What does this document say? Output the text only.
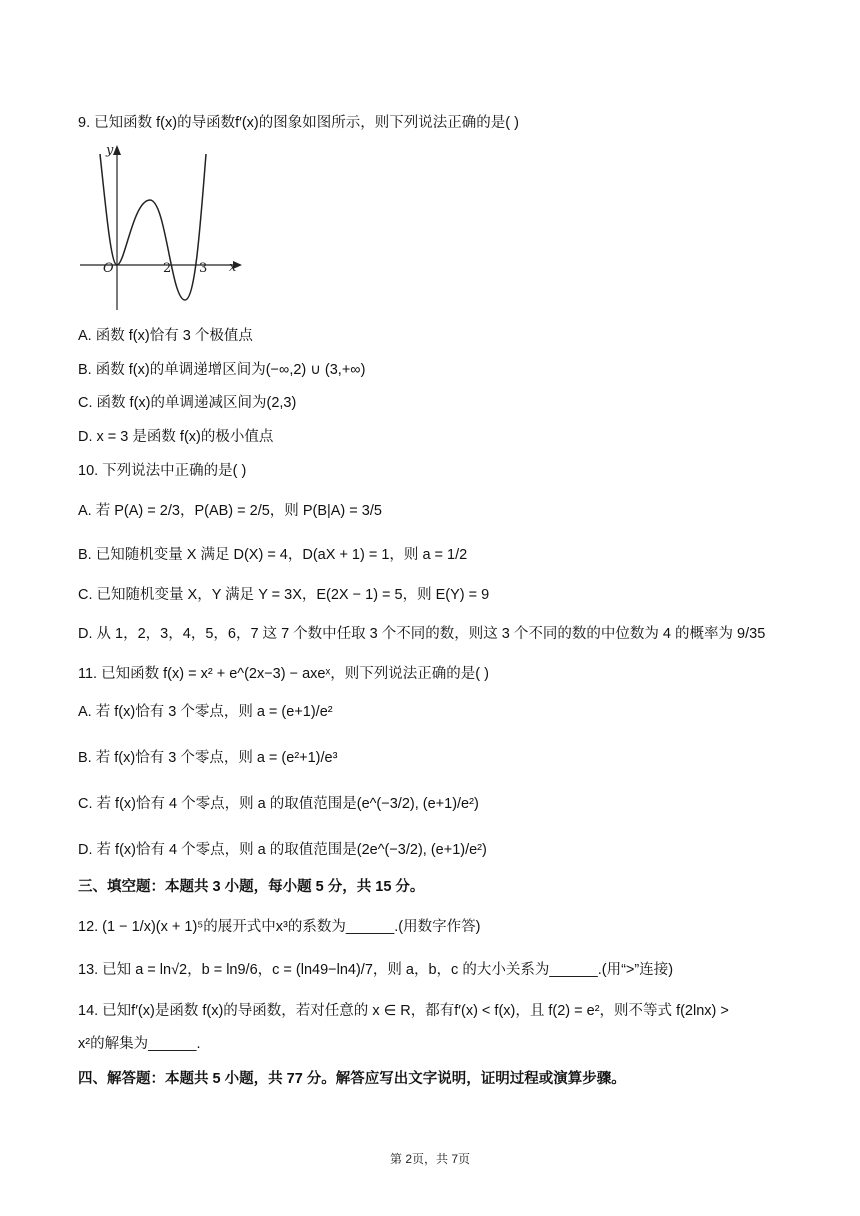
9. 已知函数 f(x)的导函数f′(x)的图象如图所示，则下列说法正确的是( )
y
x
O	2 3
A. 函数 f(x)恰有 3 个极值点
B. 函数 f(x)的单调递增区间为(−∞,2) ∪ (3,+∞)
C. 函数 f(x)的单调递减区间为(2,3)
D. x = 3 是函数 f(x)的极小值点
10. 下列说法中正确的是( )
A. 若 P(A) = 2/3，P(AB) = 2/5，则 P(B|A) = 3/5
B. 已知随机变量 X 满足 D(X) = 4，D(aX + 1) = 1，则 a = 1/2
C. 已知随机变量 X，Y 满足 Y = 3X，E(2X − 1) = 5，则 E(Y) = 9
D. 从 1，2，3，4，5，6，7 这 7 个数中任取 3 个不同的数，则这 3 个不同的数的中位数为 4 的概率为 9/35
11. 已知函数 f(x) = x² + e^(2x−3) − axeˣ，则下列说法正确的是( )
A. 若 f(x)恰有 3 个零点，则 a = (e+1)/e²
B. 若 f(x)恰有 3 个零点，则 a = (e²+1)/e³
C. 若 f(x)恰有 4 个零点，则 a 的取值范围是(e^(−3/2), (e+1)/e²)
D. 若 f(x)恰有 4 个零点，则 a 的取值范围是(2e^(−3/2), (e+1)/e²)
三、填空题：本题共 3 小题，每小题 5 分，共 15 分。
12. (1 − 1/x)(x + 1)⁵的展开式中x³的系数为______.(用数字作答)
13. 已知 a = ln√2，b = ln9/6，c = (ln49−ln4)/7，则 a，b，c 的大小关系为______.(用“>”连接)
14. 已知f′(x)是函数 f(x)的导函数，若对任意的 x ∈ R，都有f′(x) < f(x)，且 f(2) = e²，则不等式 f(2lnx) >
x²的解集为______.
四、解答题：本题共 5 小题，共 77 分。解答应写出文字说明，证明过程或演算步骤。
第 2页，共 7页
